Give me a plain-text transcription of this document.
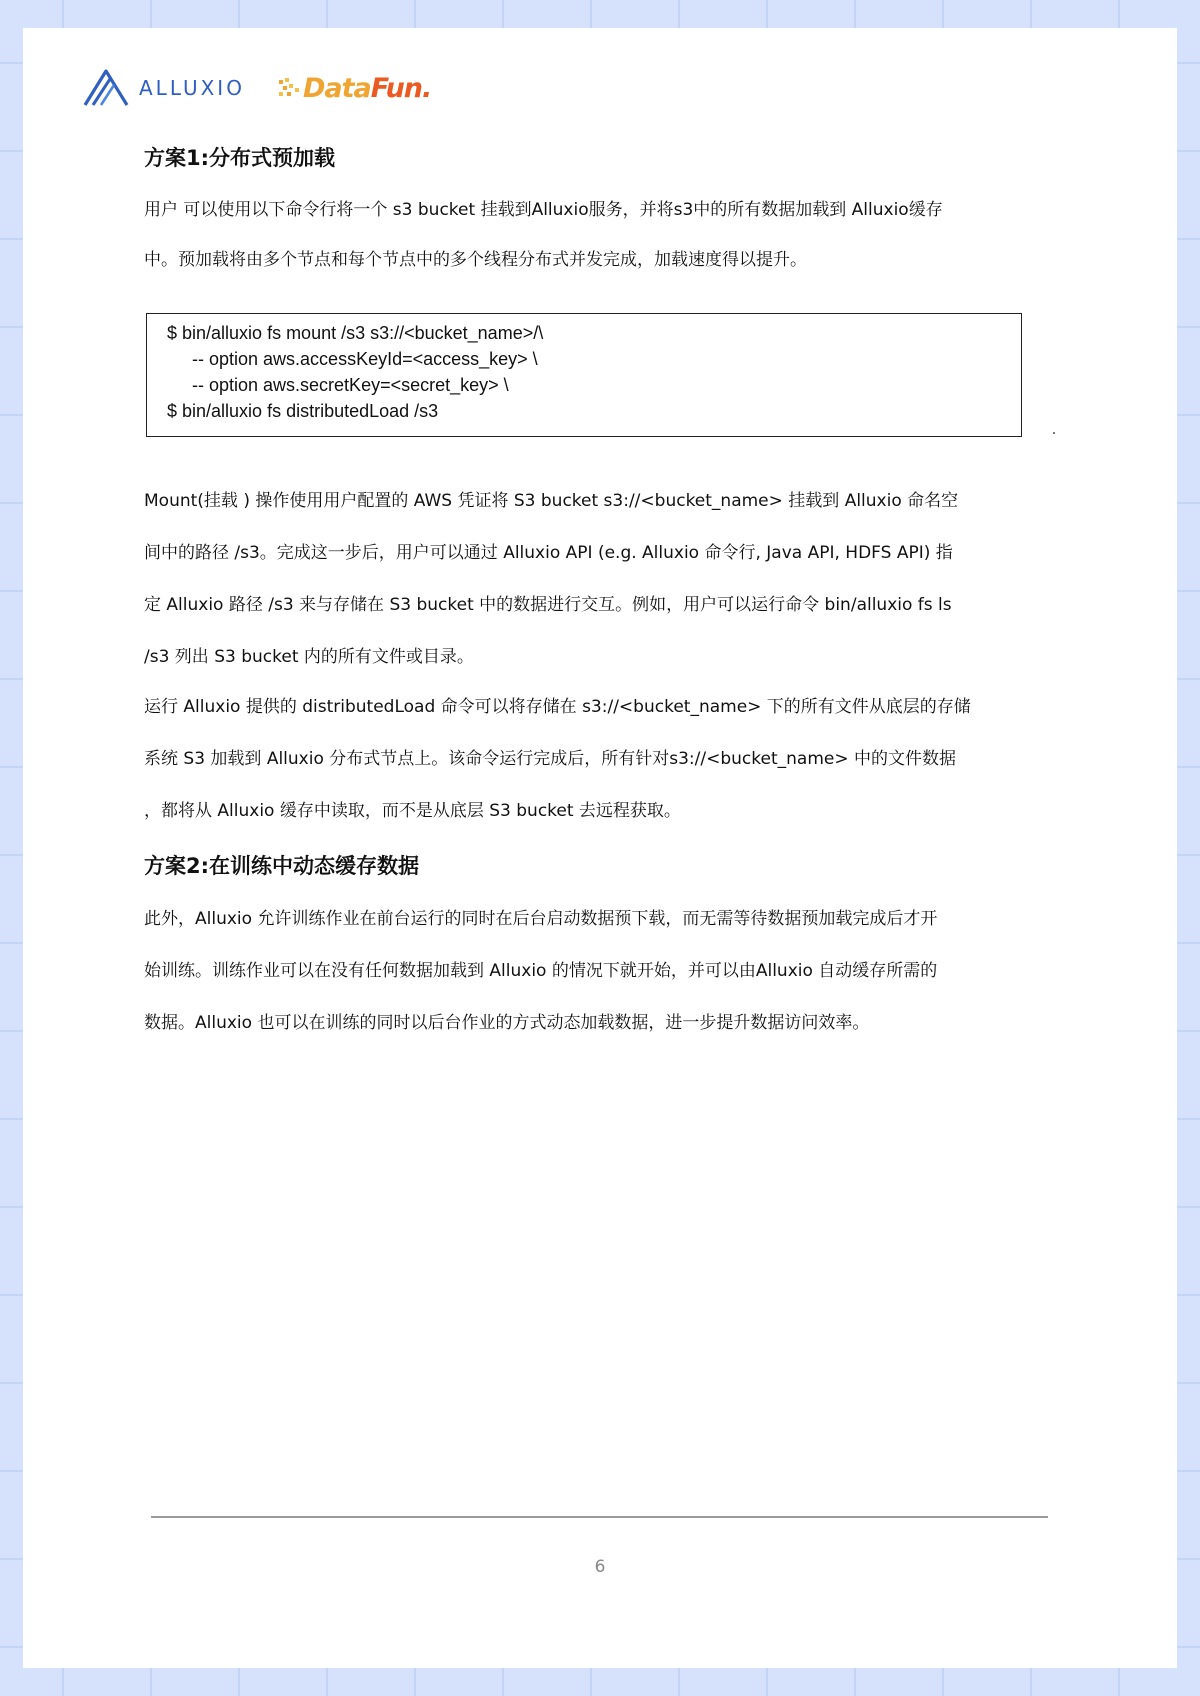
ALLUXIO DataFun.
方案1:分布式预加载
用户 可以使用以下命令行将一个 s3 bucket 挂载到Alluxio服务，并将s3中的所有数据加载到 Alluxio缓存
中。预加载将由多个节点和每个节点中的多个线程分布式并发完成，加载速度得以提升。
$ bin/alluxio fs mount /s3 s3://<bucket_name>/\
-- option aws.accessKeyId=<access_key> \
-- option aws.secretKey=<secret_key> \
$ bin/alluxio fs distributedLoad /s3
Mount(挂载 ) 操作使用用户配置的 AWS 凭证将 S3 bucket s3://<bucket_name> 挂载到 Alluxio 命名空
间中的路径 /s3。完成这一步后，用户可以通过 Alluxio API (e.g. Alluxio 命令行, Java API, HDFS API) 指
定 Alluxio 路径 /s3 来与存储在 S3 bucket 中的数据进行交互。例如，用户可以运行命令 bin/alluxio fs ls
/s3 列出 S3 bucket 内的所有文件或目录。
运行 Alluxio 提供的 distributedLoad 命令可以将存储在 s3://<bucket_name> 下的所有文件从底层的存储
系统 S3 加载到 Alluxio 分布式节点上。该命令运行完成后，所有针对s3://<bucket_name> 中的文件数据
，都将从 Alluxio 缓存中读取，而不是从底层 S3 bucket 去远程获取。
方案2:在训练中动态缓存数据
此外，Alluxio 允许训练作业在前台运行的同时在后台启动数据预下载，而无需等待数据预加载完成后才开
始训练。训练作业可以在没有任何数据加载到 Alluxio 的情况下就开始，并可以由Alluxio 自动缓存所需的
数据。Alluxio 也可以在训练的同时以后台作业的方式动态加载数据，进一步提升数据访问效率。
6
